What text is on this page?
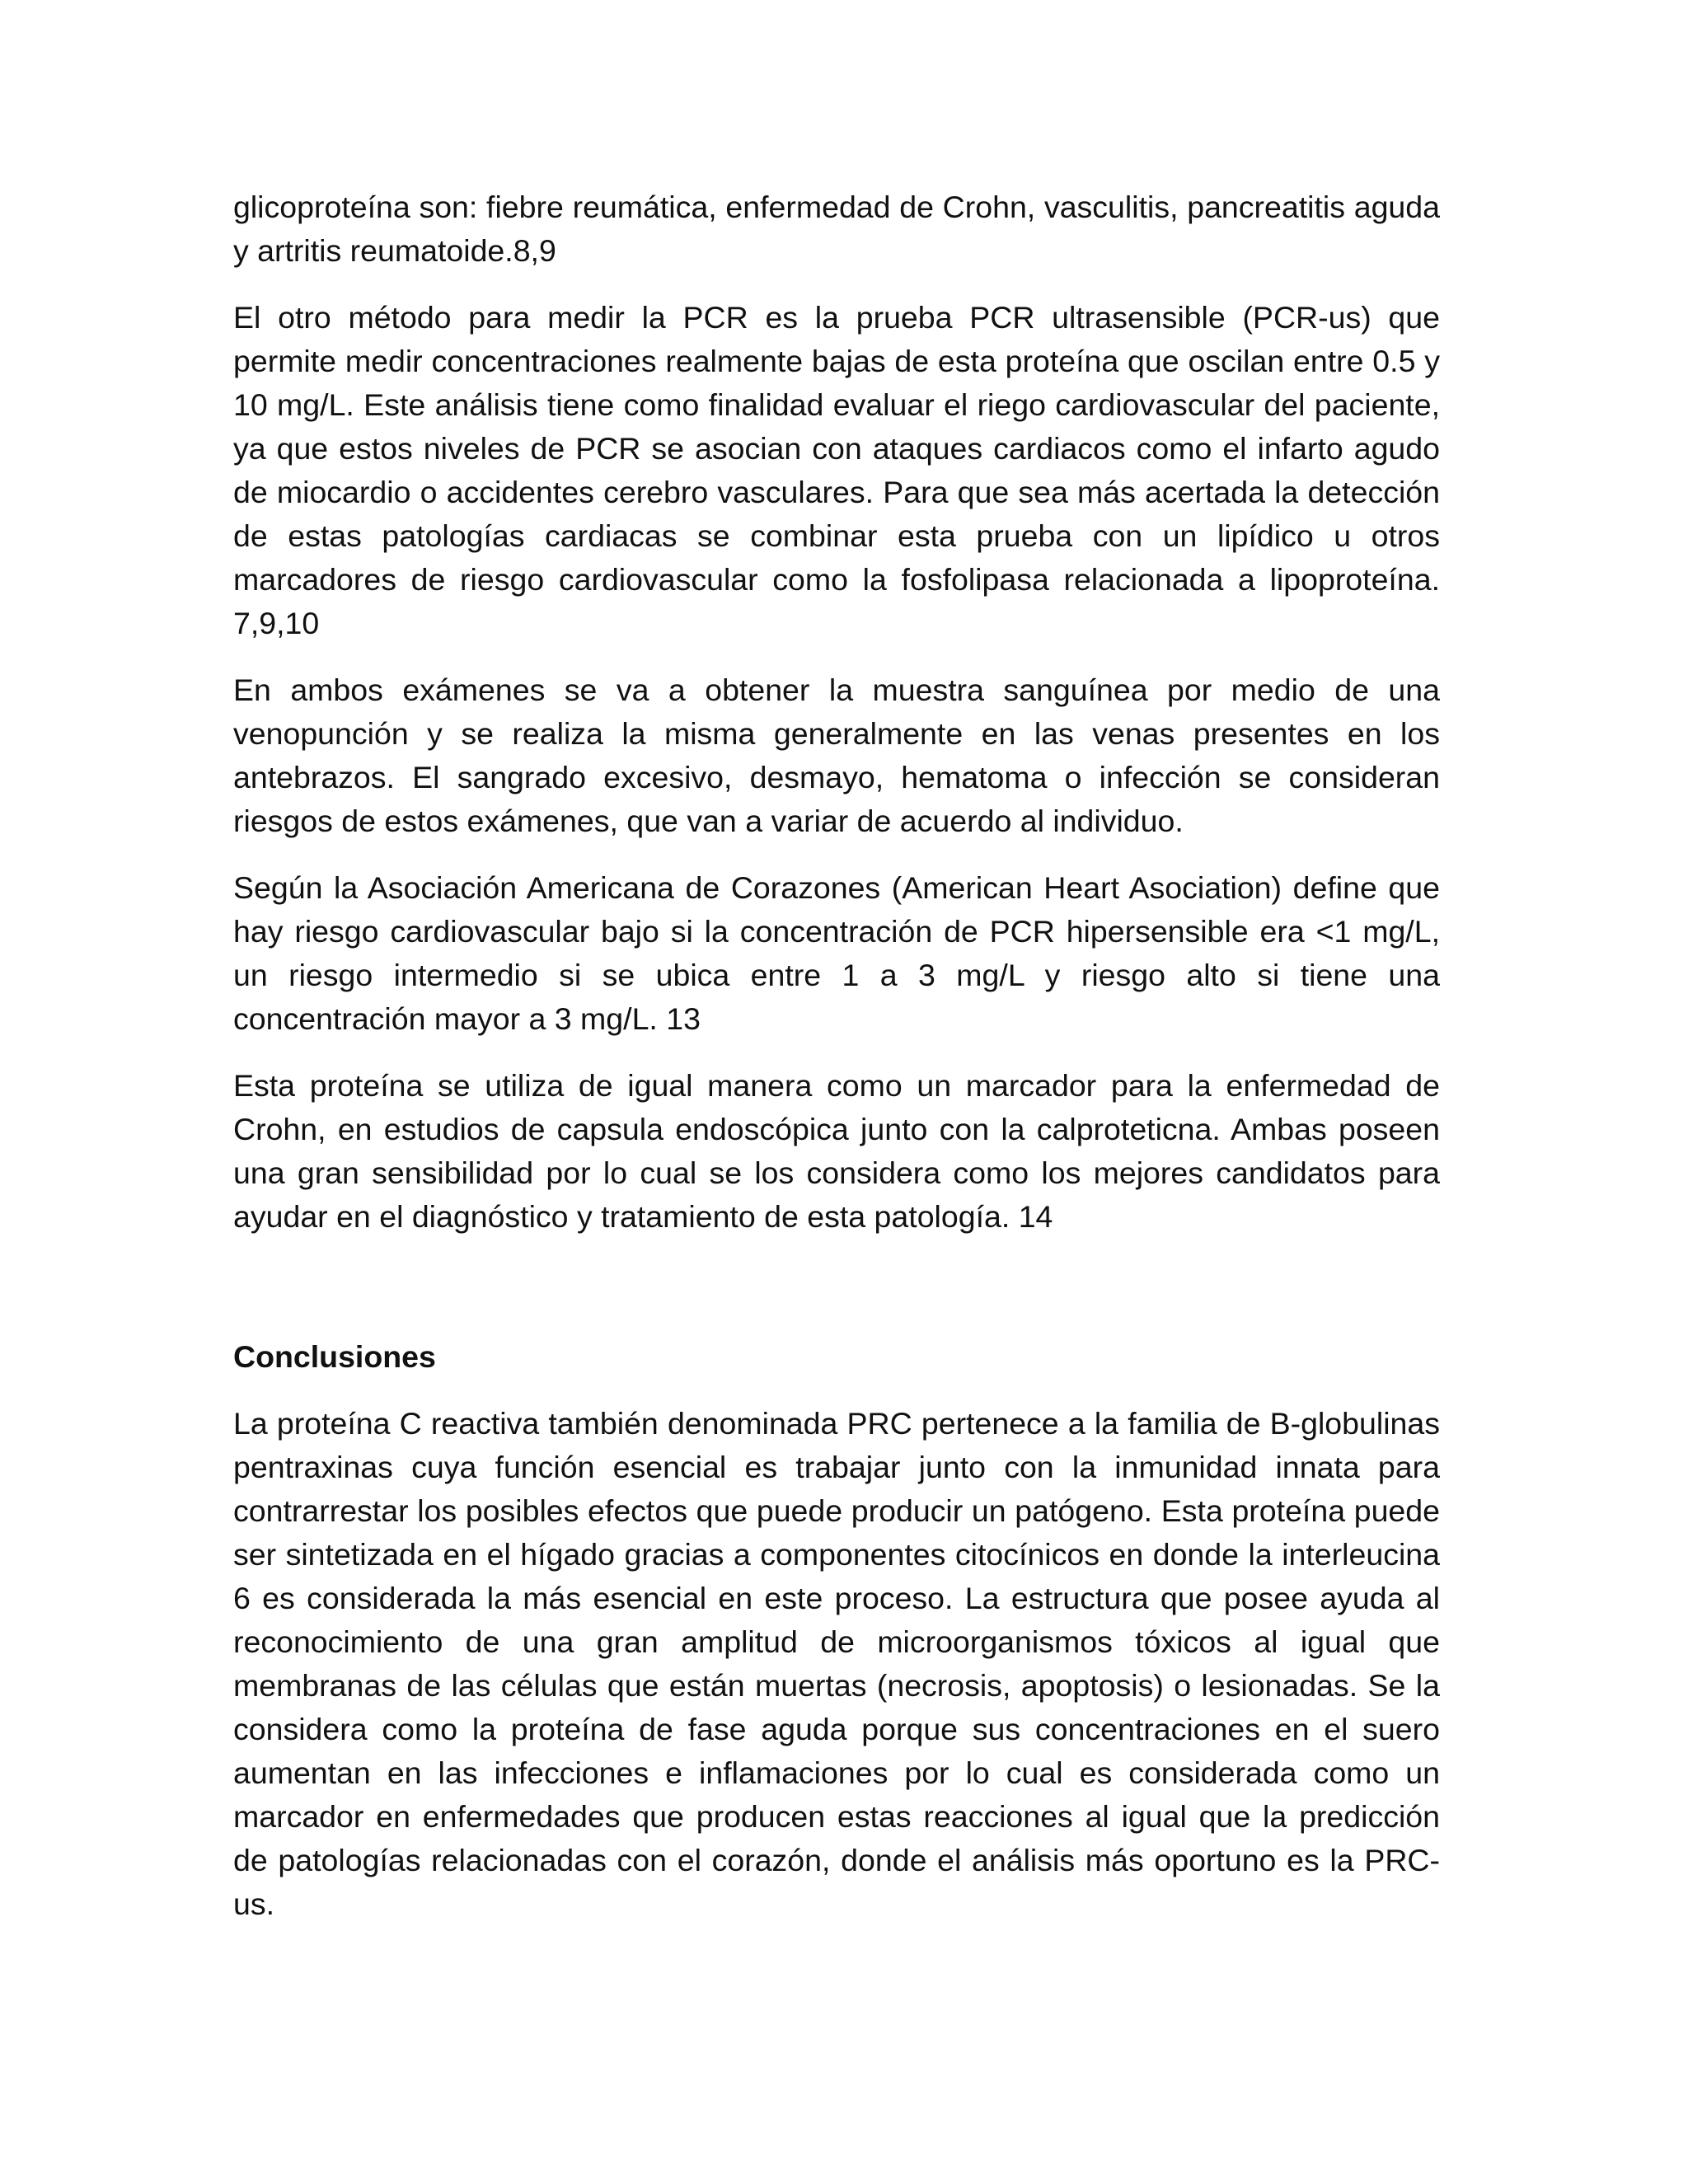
glicoproteína son: fiebre reumática, enfermedad de Crohn, vasculitis, pancreatitis aguda y artritis reumatoide.8,9

El otro método para medir la PCR es la prueba PCR ultrasensible (PCR-us) que permite medir concentraciones realmente bajas de esta proteína que oscilan entre 0.5 y 10 mg/L. Este análisis tiene como finalidad evaluar el riego cardiovascular del paciente, ya que estos niveles de PCR se asocian con ataques cardiacos como el infarto agudo de miocardio o accidentes cerebro vasculares. Para que sea más acertada la detección de estas patologías cardiacas se combinar esta prueba con un lipídico u otros marcadores de riesgo cardiovascular como la fosfolipasa relacionada a lipoproteína. 7,9,10

En ambos exámenes se va a obtener la muestra sanguínea por medio de una venopunción y se realiza la misma generalmente en las venas presentes en los antebrazos. El sangrado excesivo, desmayo, hematoma o infección se consideran riesgos de estos exámenes, que van a variar de acuerdo al individuo.

Según la Asociación Americana de Corazones (American Heart Asociation) define que hay riesgo cardiovascular bajo si la concentración de PCR hipersensible era <1 mg/L, un riesgo intermedio si se ubica entre 1 a 3 mg/L y riesgo alto si tiene una concentración mayor a 3 mg/L. 13

Esta proteína se utiliza de igual manera como un marcador para la enfermedad de Crohn, en estudios de capsula endoscópica junto con la calproteticna. Ambas poseen una gran sensibilidad por lo cual se los considera como los mejores candidatos para ayudar en el diagnóstico y tratamiento de esta patología. 14

Conclusiones

La proteína C reactiva también denominada PRC pertenece a la familia de B-globulinas pentraxinas cuya función esencial es trabajar junto con la inmunidad innata para contrarrestar los posibles efectos que puede producir un patógeno. Esta proteína puede ser sintetizada en el hígado gracias a componentes citocínicos en donde la interleucina 6 es considerada la más esencial en este proceso. La estructura que posee ayuda al reconocimiento de una gran amplitud de microorganismos tóxicos al igual que membranas de las células que están muertas (necrosis, apoptosis) o lesionadas. Se la considera como la proteína de fase aguda porque sus concentraciones en el suero aumentan en las infecciones e inflamaciones por lo cual es considerada como un marcador en enfermedades que producen estas reacciones al igual que la predicción de patologías relacionadas con el corazón, donde el análisis más oportuno es la PRC-us.
